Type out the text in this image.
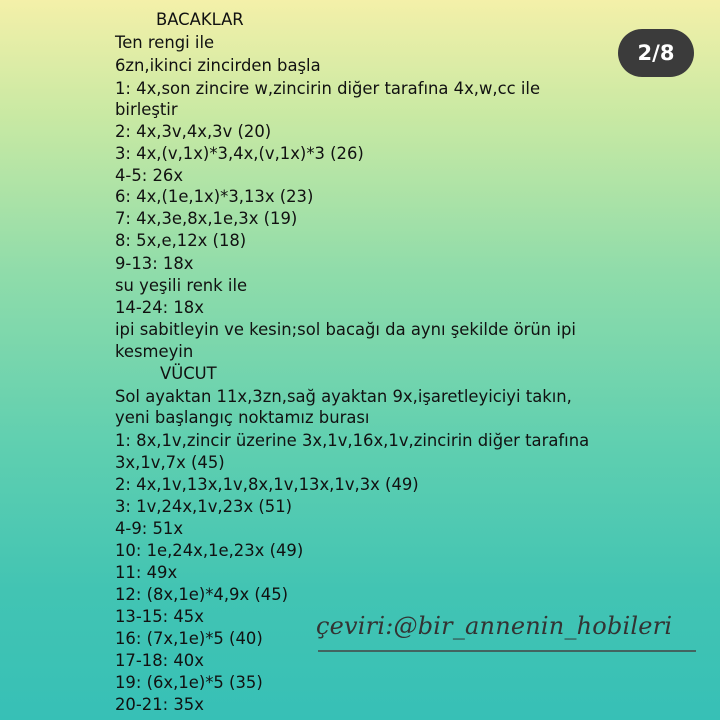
BACAKLAR
Ten rengi ile
6zn,ikinci zincirden başla
1: 4x,son zincire w,zincirin diğer tarafına 4x,w,cc ile
birleştir
2: 4x,3v,4x,3v (20)
3: 4x,(v,1x)*3,4x,(v,1x)*3 (26)
4-5: 26x
6: 4x,(1e,1x)*3,13x (23)
7: 4x,3e,8x,1e,3x (19)
8: 5x,e,12x (18)
9-13: 18x
su yeşili renk ile
14-24: 18x
ipi sabitleyin ve kesin;sol bacağı da aynı şekilde örün ipi
kesmeyin
VÜCUT
Sol ayaktan 11x,3zn,sağ ayaktan 9x,işaretleyiciyi takın,
yeni başlangıç noktamız burası
1: 8x,1v,zincir üzerine 3x,1v,16x,1v,zincirin diğer tarafına
3x,1v,7x (45)
2: 4x,1v,13x,1v,8x,1v,13x,1v,3x (49)
3: 1v,24x,1v,23x (51)
4-9: 51x
10: 1e,24x,1e,23x (49)
11: 49x
12: (8x,1e)*4,9x (45)
13-15: 45x
16: (7x,1e)*5 (40)
17-18: 40x
19: (6x,1e)*5 (35)
20-21: 35x
2/8
çeviri:@bir_annenin_hobileri
